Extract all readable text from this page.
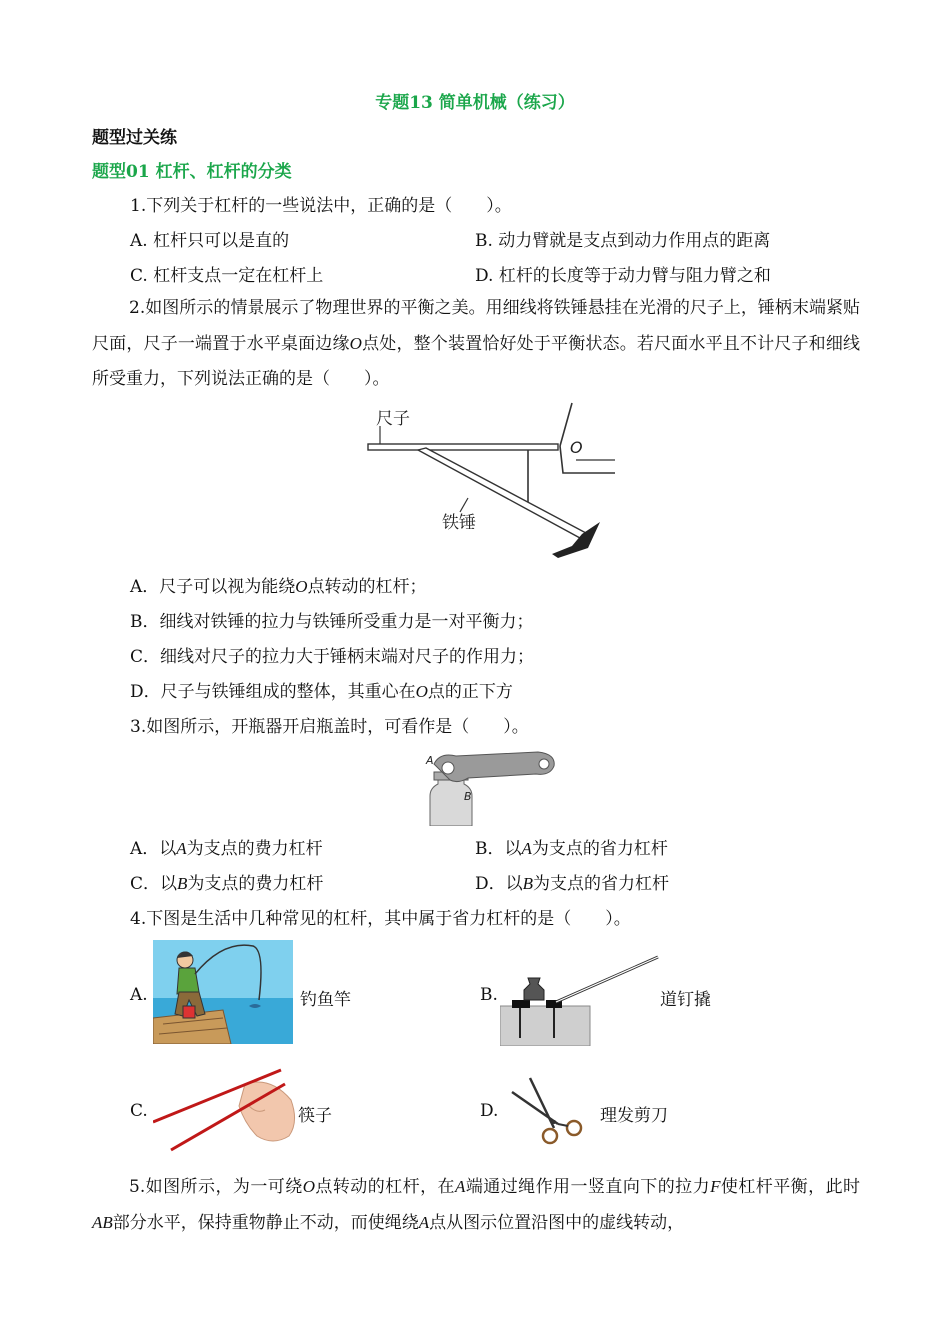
专题13 简单机械（练习）
题型过关练
题型01 杠杆、杠杆的分类
1.下列关于杠杆的一些说法中，正确的是（　　）。
A. 杠杆只可以是直的	B. 动力臂就是支点到动力作用点的距离
C. 杠杆支点一定在杠杆上	D. 杠杆的长度等于动力臂与阻力臂之和
2.如图所示的情景展示了物理世界的平衡之美。用细线将铁锤悬挂在光滑的尺子上，锤柄末端紧贴尺面，尺子一端置于水平桌面边缘O点处，整个装置恰好处于平衡状态。若尺面水平且不计尺子和细线所受重力，下列说法正确的是（　　）。
尺子
铁锤
O
A．尺子可以视为能绕O点转动的杠杆；
B．细线对铁锤的拉力与铁锤所受重力是一对平衡力；
C．细线对尺子的拉力大于锤柄末端对尺子的作用力；
D．尺子与铁锤组成的整体，其重心在O点的正下方
3.如图所示，开瓶器开启瓶盖时，可看作是（　　）。
A
B
A．以A为支点的费力杠杆	B．以A为支点的省力杠杆
C．以B为支点的费力杠杆	D．以B为支点的省力杠杆
4.下图是生活中几种常见的杠杆，其中属于省力杠杆的是（　　）。
A.	钓鱼竿	B.	道钉撬
C.	筷子	D.	理发剪刀
5.如图所示，为一可绕O点转动的杠杆，在A端通过绳作用一竖直向下的拉力F使杠杆平衡，此时AB部分水平，保持重物静止不动，而使绳绕A点从图示位置沿图中的虚线转动，
